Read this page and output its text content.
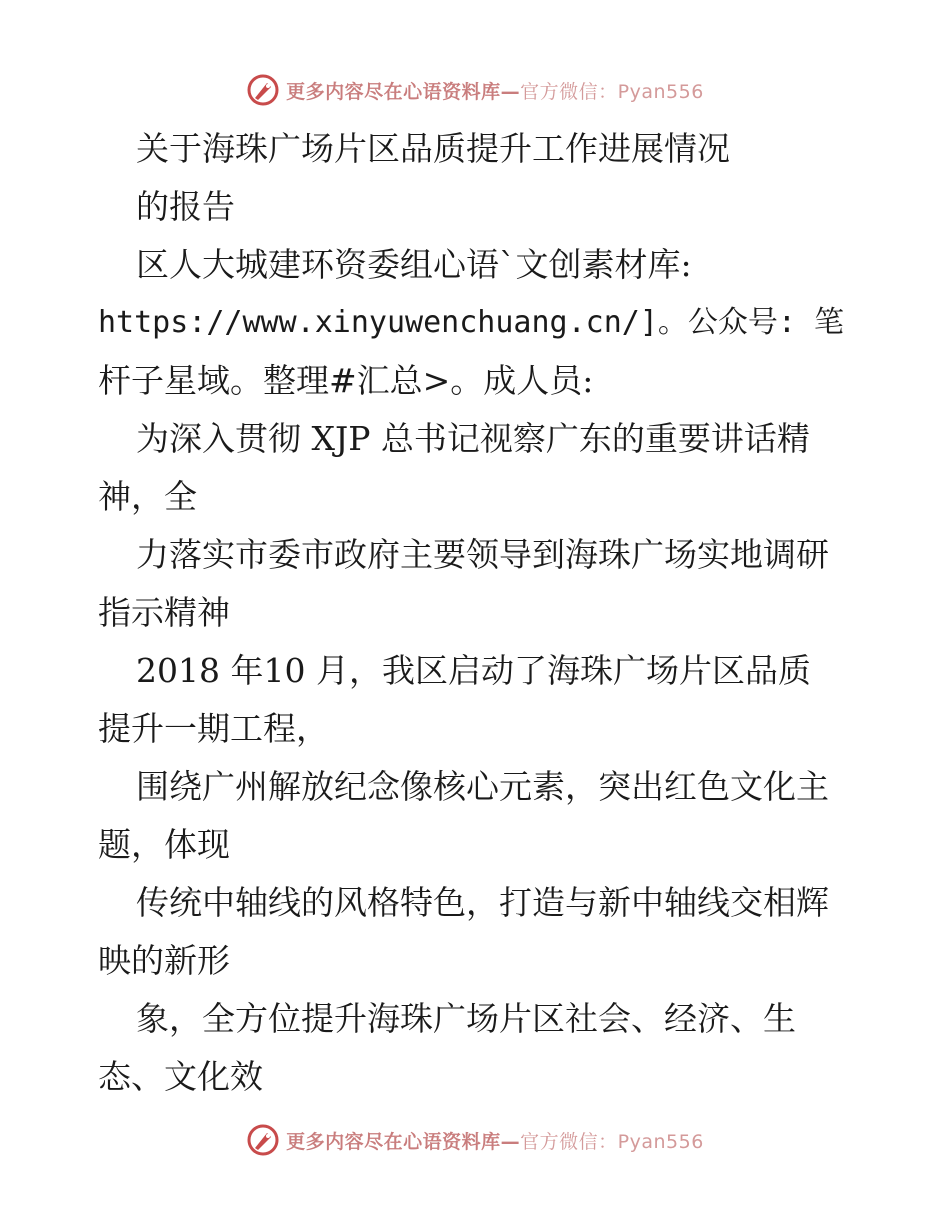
更多内容尽在心语资料库—官方微信：Pyan556
关于海珠广场片区品质提升工作进展情况
的报告
区人大城建环资委组心语`文创素材库:
https://www.xinyuwenchuang.cn/]。公众号: 笔
杆子星域。整理#汇总>。成人员:
为深入贯彻 XJP 总书记视察广东的重要讲话精
神，全
力落实市委市政府主要领导到海珠广场实地调研
指示精神
2018 年10 月，我区启动了海珠广场片区品质
提升一期工程，
围绕广州解放纪念像核心元素，突出红色文化主
题，体现
传统中轴线的风格特色，打造与新中轴线交相辉
映的新形
象，全方位提升海珠广场片区社会、经济、生
态、文化效
更多内容尽在心语资料库—官方微信：Pyan556
